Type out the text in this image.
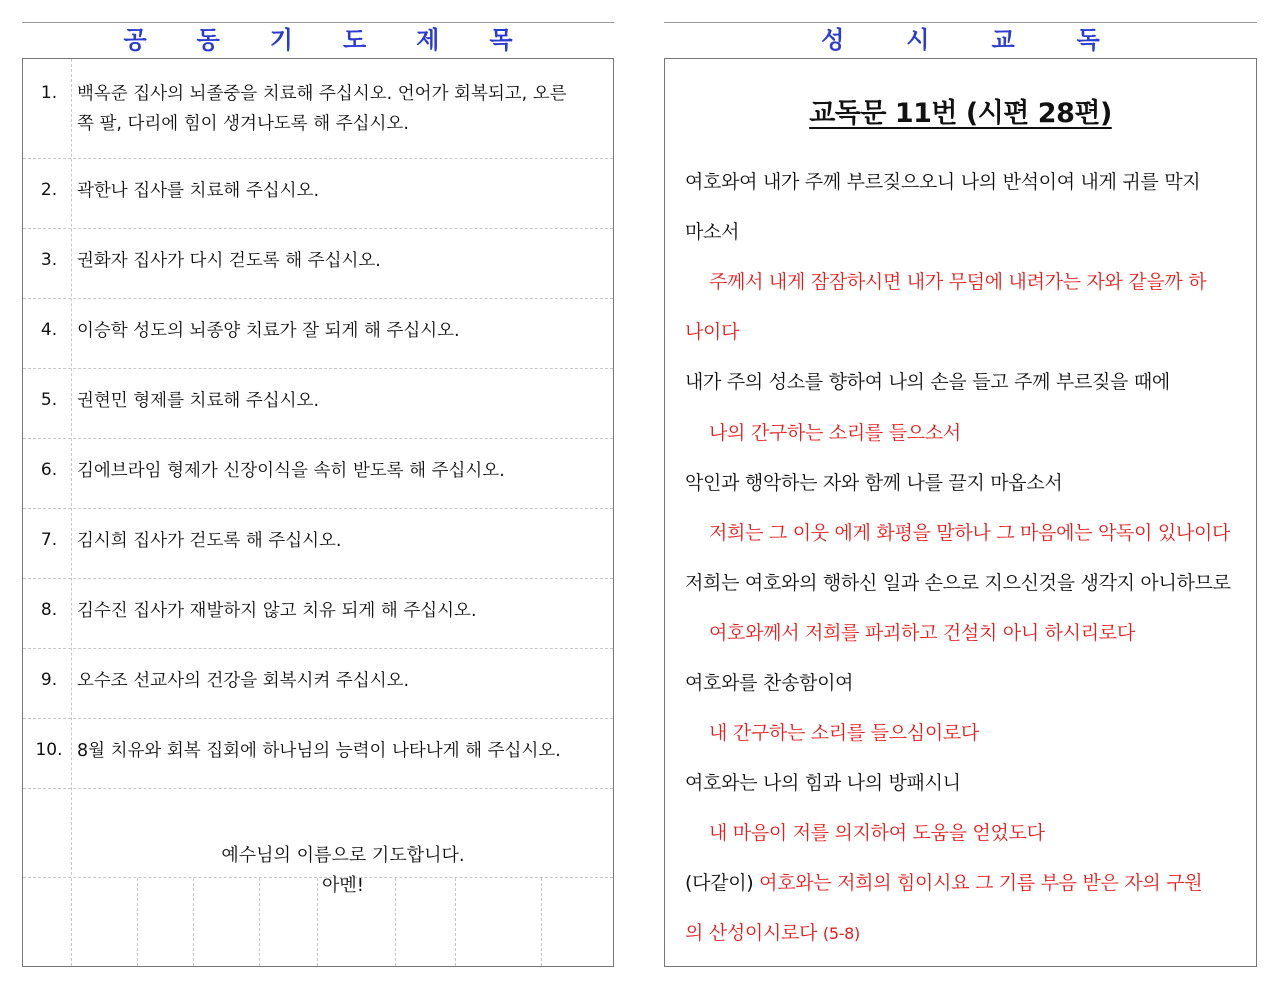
공동기도제목
1.	백옥준 집사의 뇌졸중을 치료해 주십시오. 언어가 회복되고, 오른쪽 팔, 다리에 힘이 생겨나도록 해 주십시오.
2.	곽한나 집사를 치료해 주십시오.
3.	권화자 집사가 다시 걷도록 해 주십시오.
4.	이승학 성도의 뇌종양 치료가 잘 되게 해 주십시오.
5.	권현민 형제를 치료해 주십시오.
6.	김에브라임 형제가 신장이식을 속히 받도록 해 주십시오.
7.	김시희 집사가 걷도록 해 주십시오.
8.	김수진 집사가 재발하지 않고 치유 되게 해 주십시오.
9.	오수조 선교사의 건강을 회복시켜 주십시오.
10. 8월 치유와 회복 집회에 하나님의 능력이 나타나게 해 주십시오.
예수님의 이름으로 기도합니다.
아멘!
성시교독
교독문 11번 (시편 28편)
여호와여 내가 주께 부르짖으오니 나의 반석이여 내게 귀를 막지
마소서
주께서 내게 잠잠하시면 내가 무덤에 내려가는 자와 같을까 하
나이다
내가 주의 성소를 향하여 나의 손을 들고 주께 부르짖을 때에
나의 간구하는 소리를 들으소서
악인과 행악하는 자와 함께 나를 끌지 마옵소서
저희는 그 이웃 에게 화평을 말하나 그 마음에는 악독이 있나이다
저희는 여호와의 행하신 일과 손으로 지으신것을 생각지 아니하므로
여호와께서 저희를 파괴하고 건설치 아니 하시리로다
여호와를 찬송함이여
내 간구하는 소리를 들으심이로다
여호와는 나의 힘과 나의 방패시니
내 마음이 저를 의지하여 도움을 얻었도다
(다같이) 여호와는 저희의 힘이시요 그 기름 부음 받은 자의 구원
의 산성이시로다 (5-8)
